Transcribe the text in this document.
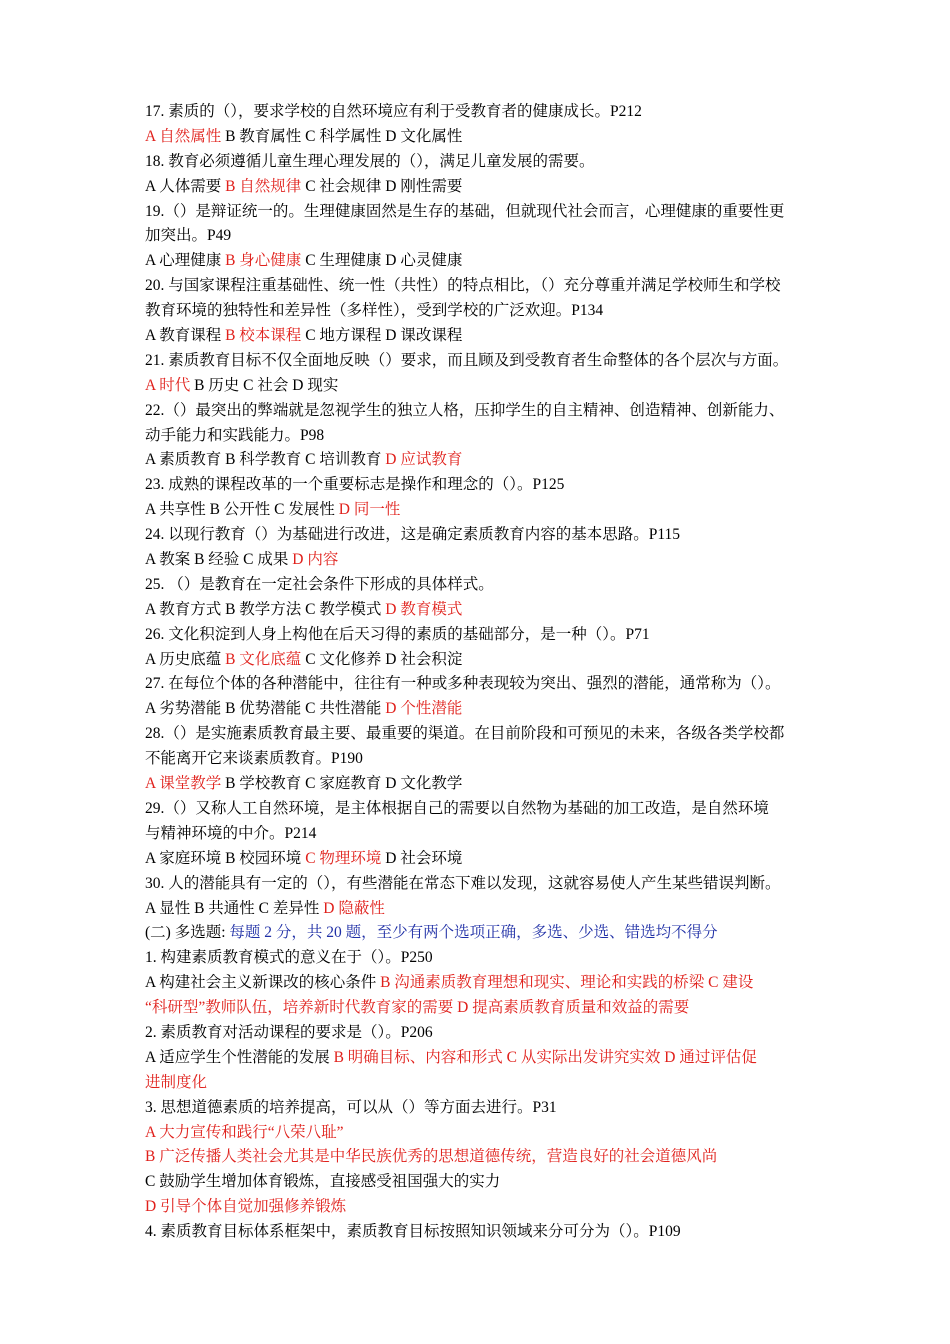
17. 素质的（），要求学校的自然环境应有利于受教育者的健康成长。P212
A 自然属性 B 教育属性 C 科学属性 D 文化属性
18. 教育必须遵循儿童生理心理发展的（），满足儿童发展的需要。
A 人体需要 B 自然规律 C 社会规律 D 刚性需要
19.（）是辩证统一的。生理健康固然是生存的基础，但就现代社会而言，心理健康的重要性更
加突出。P49
A 心理健康 B 身心健康 C 生理健康 D 心灵健康
20. 与国家课程注重基础性、统一性（共性）的特点相比，（）充分尊重并满足学校师生和学校
教育环境的独特性和差异性（多样性），受到学校的广泛欢迎。P134
A 教育课程 B 校本课程 C 地方课程 D 课改课程
21. 素质教育目标不仅全面地反映（）要求，而且顾及到受教育者生命整体的各个层次与方面。
A 时代 B 历史 C 社会 D 现实
22.（）最突出的弊端就是忽视学生的独立人格，压抑学生的自主精神、创造精神、创新能力、
动手能力和实践能力。P98
A 素质教育 B 科学教育 C 培训教育 D 应试教育
23. 成熟的课程改革的一个重要标志是操作和理念的（）。P125
A 共享性 B 公开性 C 发展性 D 同一性
24. 以现行教育（）为基础进行改进，这是确定素质教育内容的基本思路。P115
A 教案 B 经验 C 成果 D 内容
25. （）是教育在一定社会条件下形成的具体样式。
A 教育方式 B 教学方法 C 教学模式 D 教育模式
26. 文化积淀到人身上构他在后天习得的素质的基础部分，是一种（）。P71
A 历史底蕴 B 文化底蕴 C 文化修养 D 社会积淀
27. 在每位个体的各种潜能中，往往有一种或多种表现较为突出、强烈的潜能，通常称为（）。
A 劣势潜能 B 优势潜能 C 共性潜能 D 个性潜能
28.（）是实施素质教育最主要、最重要的渠道。在目前阶段和可预见的未来，各级各类学校都
不能离开它来谈素质教育。P190
A 课堂教学 B 学校教育 C 家庭教育 D 文化教学
29.（）又称人工自然环境，是主体根据自己的需要以自然物为基础的加工改造，是自然环境
与精神环境的中介。P214
A 家庭环境 B 校园环境 C 物理环境 D 社会环境
30. 人的潜能具有一定的（），有些潜能在常态下难以发现，这就容易使人产生某些错误判断。
A 显性 B 共通性 C 差异性 D 隐蔽性
(二) 多选题: 每题 2 分，共 20 题，至少有两个选项正确，多选、少选、错选均不得分
1. 构建素质教育模式的意义在于（）。P250
A 构建社会主义新课改的核心条件 B 沟通素质教育理想和现实、理论和实践的桥梁 C 建设
“科研型”教师队伍，培养新时代教育家的需要 D 提高素质教育质量和效益的需要
2. 素质教育对活动课程的要求是（）。P206
A 适应学生个性潜能的发展 B 明确目标、内容和形式 C 从实际出发讲究实效 D 通过评估促
进制度化
3. 思想道德素质的培养提高，可以从（）等方面去进行。P31
A 大力宣传和践行“八荣八耻”
B 广泛传播人类社会尤其是中华民族优秀的思想道德传统，营造良好的社会道德风尚
C 鼓励学生增加体育锻炼，直接感受祖国强大的实力
D 引导个体自觉加强修养锻炼
4. 素质教育目标体系框架中，素质教育目标按照知识领域来分可分为（）。P109
